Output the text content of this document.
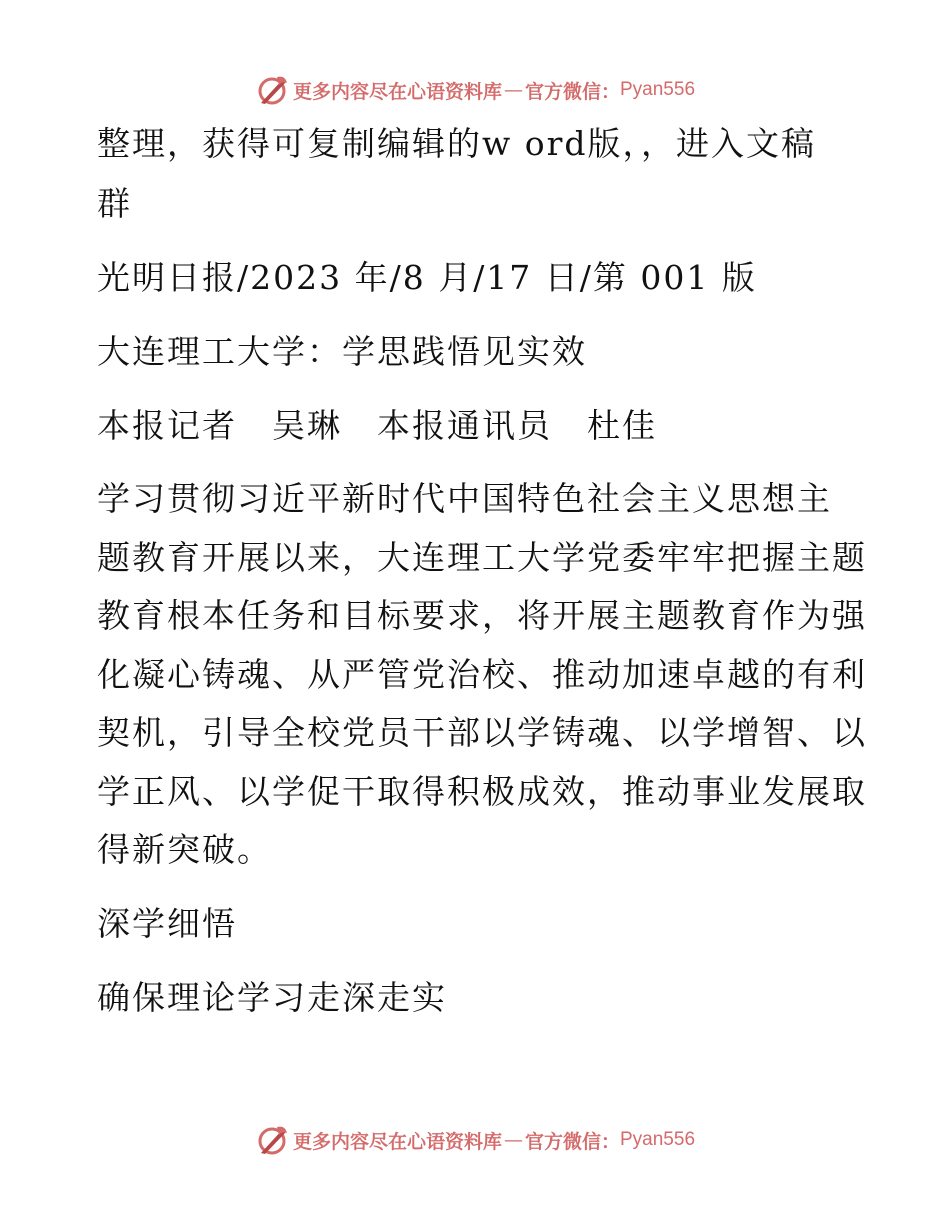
更多内容尽在心语资料库 — 官方微信： Pyan556
整理，获得可复制编辑的w ord版，，进入文稿
群
光明日报/2023 年/8 月/17 日/第 001 版
大连理工大学：学思践悟见实效
本报记者　吴琳　本报通讯员　杜佳
学习贯彻习近平新时代中国特色社会主义思想主
题教育开展以来，大连理工大学党委牢牢把握主题
教育根本任务和目标要求，将开展主题教育作为强
化凝心铸魂、从严管党治校、推动加速卓越的有利
契机，引导全校党员干部以学铸魂、以学增智、以
学正风、以学促干取得积极成效，推动事业发展取
得新突破。
深学细悟
确保理论学习走深走实
更多内容尽在心语资料库 — 官方微信： Pyan556
